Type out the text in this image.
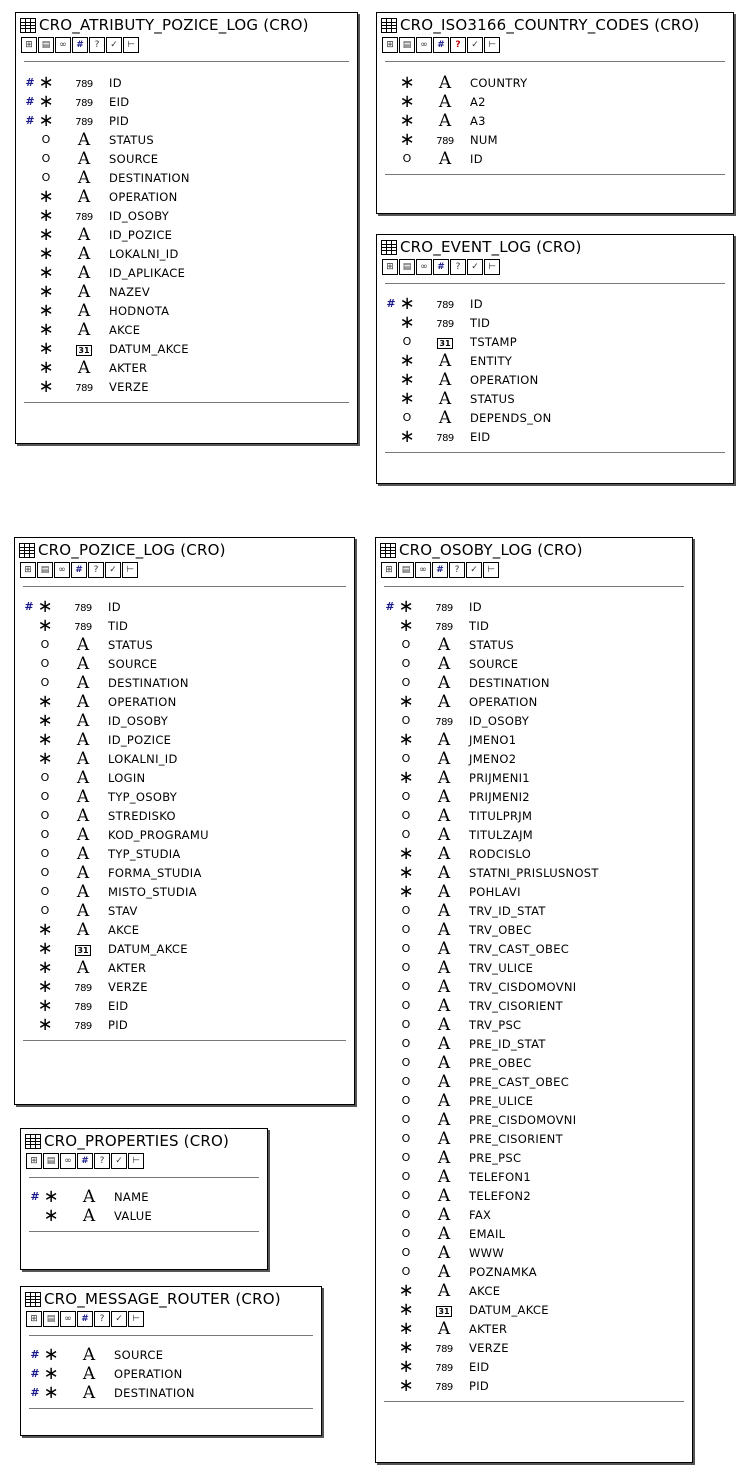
CRO_ATRIBUTY_POZICE_LOG (CRO)
⊞ ▤	∞	#	?	✓	⊢
# ∗	789	ID
# ∗	789	EID
# ∗	789	PID
O	A	STATUS
O	A	SOURCE
O	A	DESTINATION
∗	A	OPERATION
∗	789	ID_OSOBY
∗	A	ID_POZICE
∗	A	LOKALNI_ID
∗	A	ID_APLIKACE
∗	A	NAZEV
∗	A	HODNOTA
∗	A	AKCE
∗	31	DATUM_AKCE
∗	A	AKTER
∗	789	VERZE
CRO_ISO3166_COUNTRY_CODES (CRO)
⊞ ▤	∞	#	?	✓	⊢
∗	A	COUNTRY
∗	A	A2
∗	A	A3
∗	789	NUM
O	A	ID
CRO_EVENT_LOG (CRO)
⊞ ▤	∞	#	?	✓	⊢
# ∗	789	ID
∗	789	TID
O	31	TSTAMP
∗	A	ENTITY
∗	A	OPERATION
∗	A	STATUS
O	A	DEPENDS_ON
∗	789	EID
CRO_POZICE_LOG (CRO)
⊞ ▤	∞	#	?	✓	⊢
# ∗	789	ID
∗	789	TID
O	A	STATUS
O	A	SOURCE
O	A	DESTINATION
∗	A	OPERATION
∗	A	ID_OSOBY
∗	A	ID_POZICE
∗	A	LOKALNI_ID
O	A	LOGIN
O	A	TYP_OSOBY
O	A	STREDISKO
O	A	KOD_PROGRAMU
O	A	TYP_STUDIA
O	A	FORMA_STUDIA
O	A	MISTO_STUDIA
O	A	STAV
∗	A	AKCE
∗	31	DATUM_AKCE
∗	A	AKTER
∗	789	VERZE
∗	789	EID
∗	789	PID
CRO_OSOBY_LOG (CRO)
⊞ ▤	∞	#	?	✓	⊢
# ∗	789	ID
∗	789	TID
O	A	STATUS
O	A	SOURCE
O	A	DESTINATION
∗	A	OPERATION
O	789	ID_OSOBY
∗	A	JMENO1
O	A	JMENO2
∗	A	PRIJMENI1
O	A	PRIJMENI2
O	A	TITULPRJM
O	A	TITULZAJM
∗	A	RODCISLO
∗	A	STATNI_PRISLUSNOST
∗	A	POHLAVI
O	A	TRV_ID_STAT
O	A	TRV_OBEC
O	A	TRV_CAST_OBEC
O	A	TRV_ULICE
O	A	TRV_CISDOMOVNI
O	A	TRV_CISORIENT
O	A	TRV_PSC
O	A	PRE_ID_STAT
O	A	PRE_OBEC
O	A	PRE_CAST_OBEC
O	A	PRE_ULICE
O	A	PRE_CISDOMOVNI
O	A	PRE_CISORIENT
O	A	PRE_PSC
O	A	TELEFON1
O	A	TELEFON2
O	A	FAX
O	A	EMAIL
O	A	WWW
O	A	POZNAMKA
∗	A	AKCE
∗	31	DATUM_AKCE
∗	A	AKTER
∗	789	VERZE
∗	789	EID
∗	789	PID
CRO_PROPERTIES (CRO)
⊞ ▤	∞	#	?	✓	⊢
# ∗	A	NAME
∗	A	VALUE
CRO_MESSAGE_ROUTER (CRO)
⊞ ▤	∞	#	?	✓	⊢
# ∗	A	SOURCE
# ∗	A	OPERATION
# ∗	A	DESTINATION
